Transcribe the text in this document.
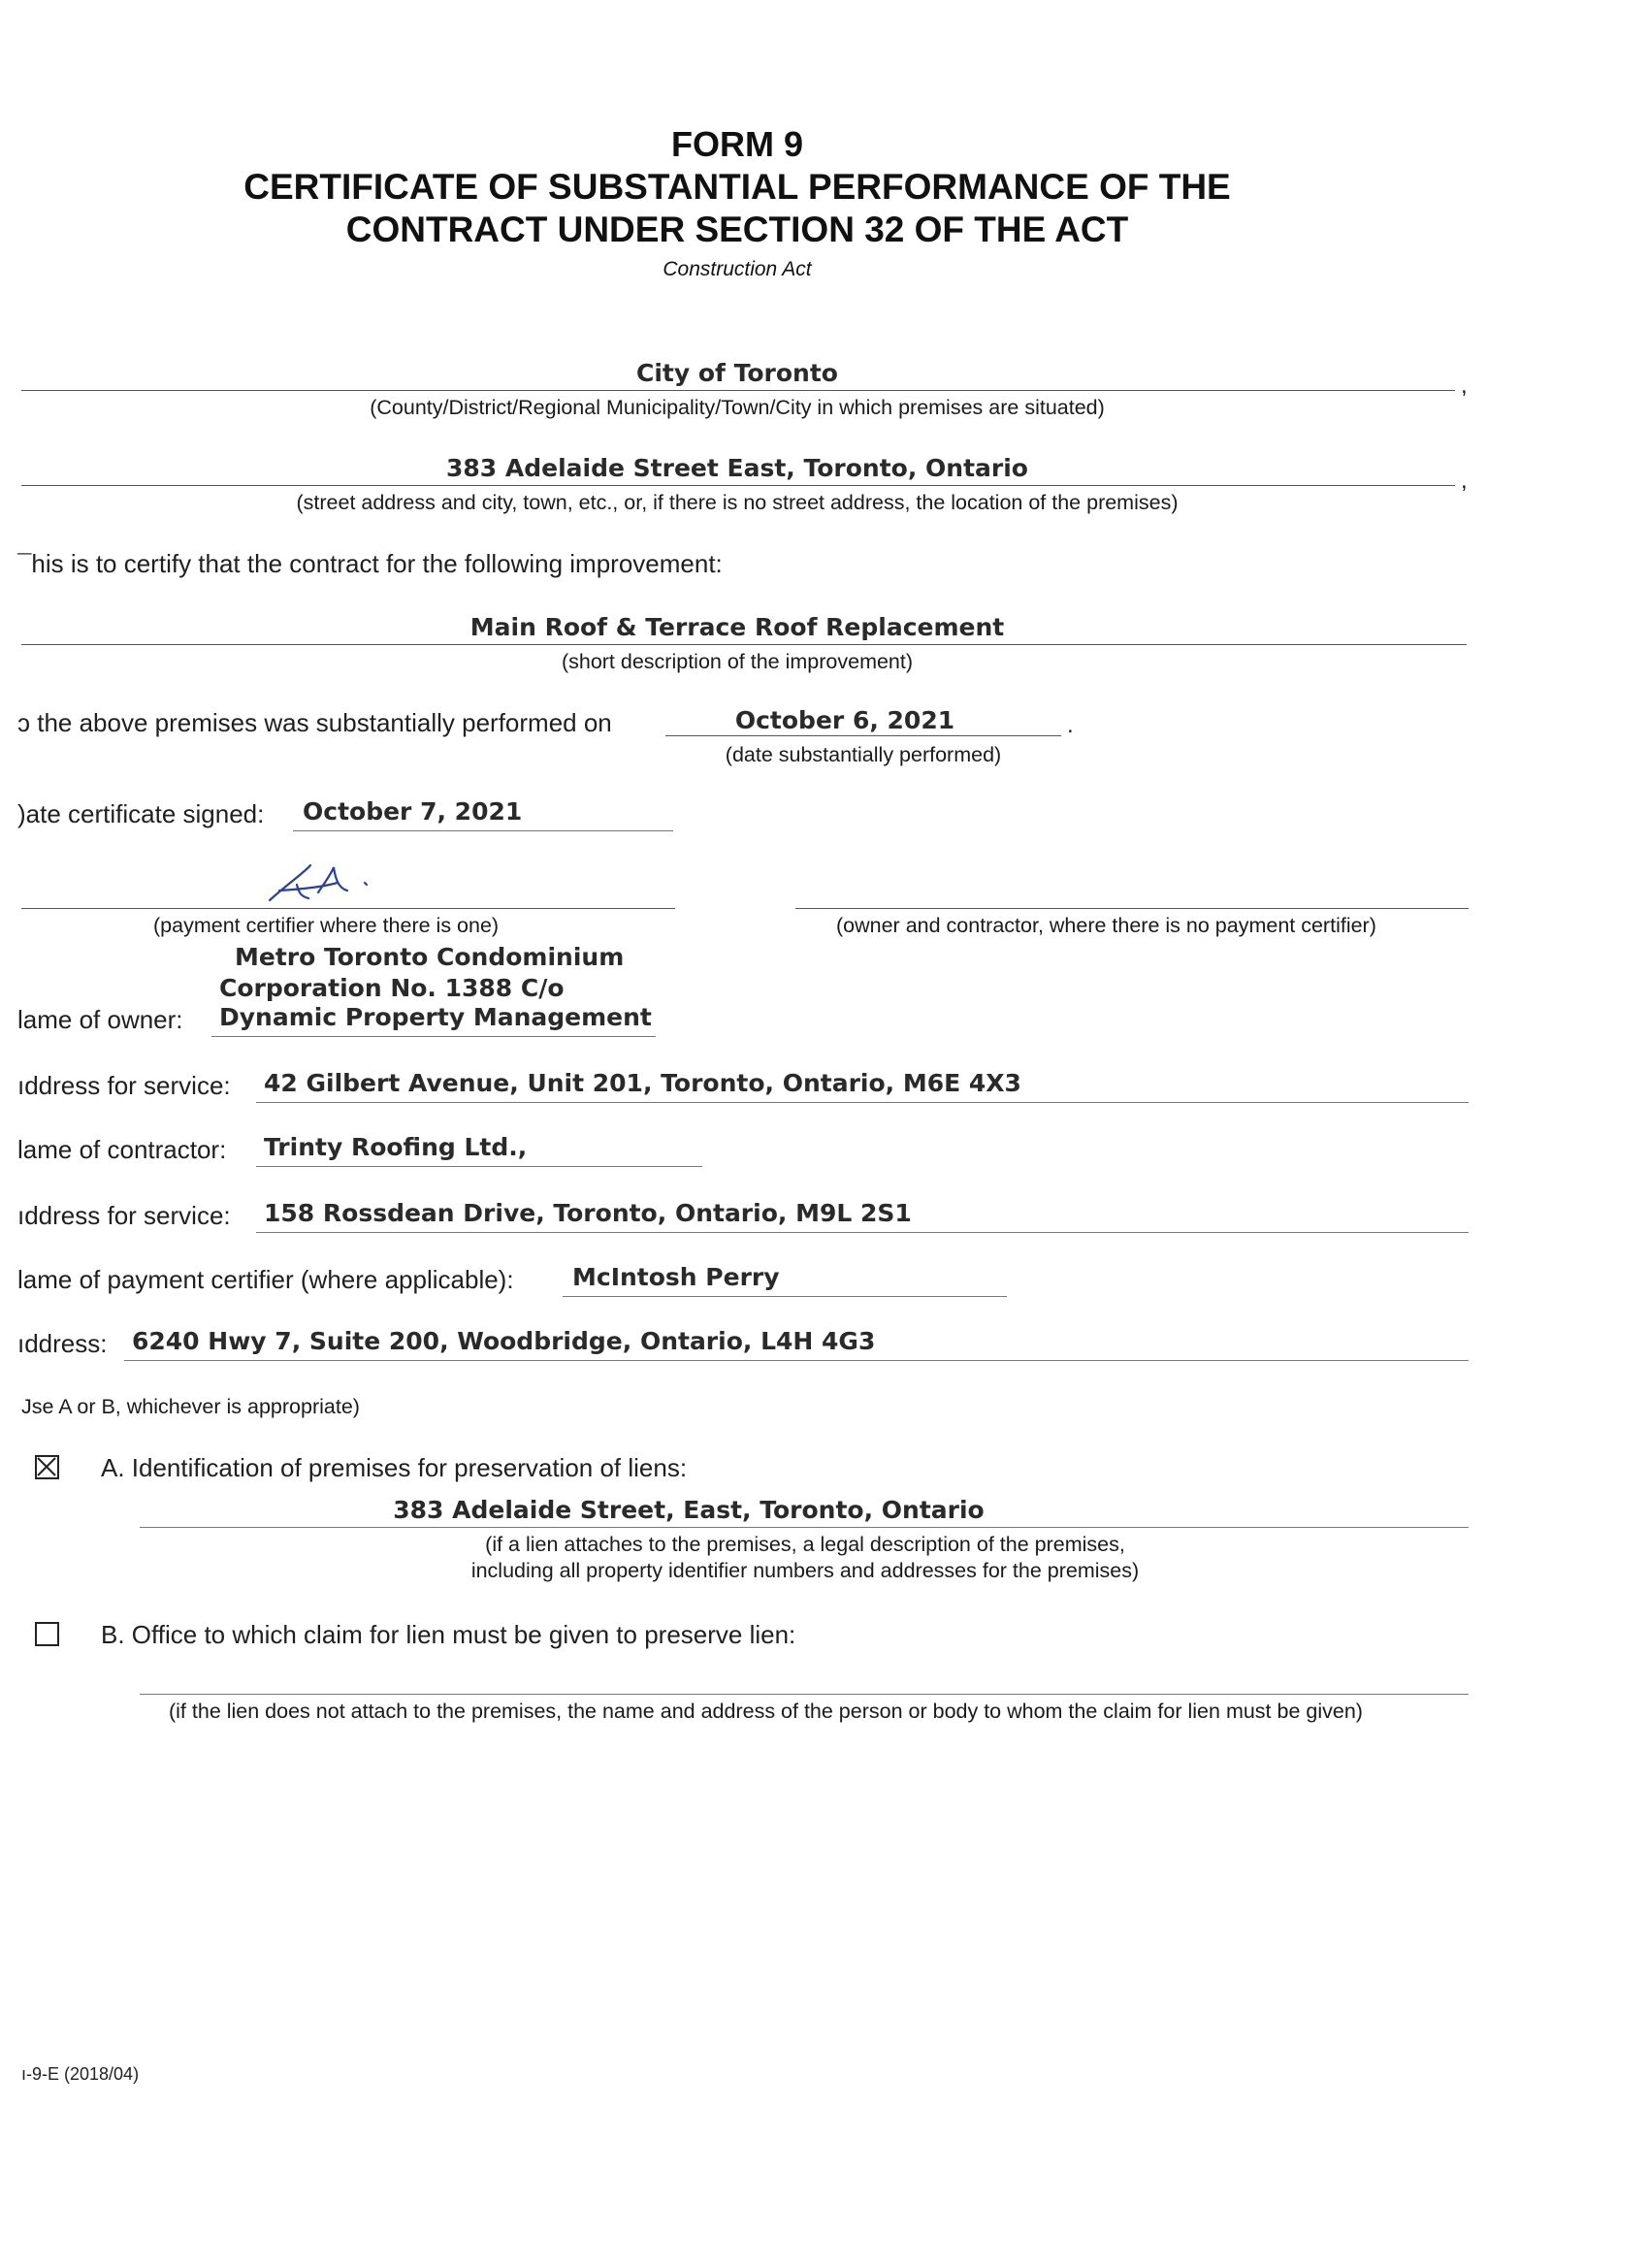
FORM 9
CERTIFICATE OF SUBSTANTIAL PERFORMANCE OF THE
CONTRACT UNDER SECTION 32 OF THE ACT
Construction Act
City of Toronto	,
(County/District/Regional Municipality/Town/City in which premises are situated)
383 Adelaide Street East, Toronto, Ontario	,
(street address and city, town, etc., or, if there is no street address, the location of the premises)
¯his is to certify that the contract for the following improvement:
Main Roof & Terrace Roof Replacement
(short description of the improvement)
ɔ the above premises was substantially performed on	October 6, 2021	.
(date substantially performed)
)ate certificate signed: October 7, 2021
(payment certifier where there is one)	(owner and contractor, where there is no payment certifier)
Metro Toronto Condominium
Corporation No. 1388 C/o
lame of owner: Dynamic Property Management
ıddress for service: 42 Gilbert Avenue, Unit 201, Toronto, Ontario, M6E 4X3
lame of contractor: Trinty Roofing Ltd.,
ıddress for service: 158 Rossdean Drive, Toronto, Ontario, M9L 2S1
lame of payment certifier (where applicable): McIntosh Perry
ıddress: 6240 Hwy 7, Suite 200, Woodbridge, Ontario, L4H 4G3
Jse A or B, whichever is appropriate)
A. Identification of premises for preservation of liens:
383 Adelaide Street, East, Toronto, Ontario
(if a lien attaches to the premises, a legal description of the premises,
including all property identifier numbers and addresses for the premises)
B. Office to which claim for lien must be given to preserve lien:
(if the lien does not attach to the premises, the name and address of the person or body to whom the claim for lien must be given)
ı-9-E (2018/04)
